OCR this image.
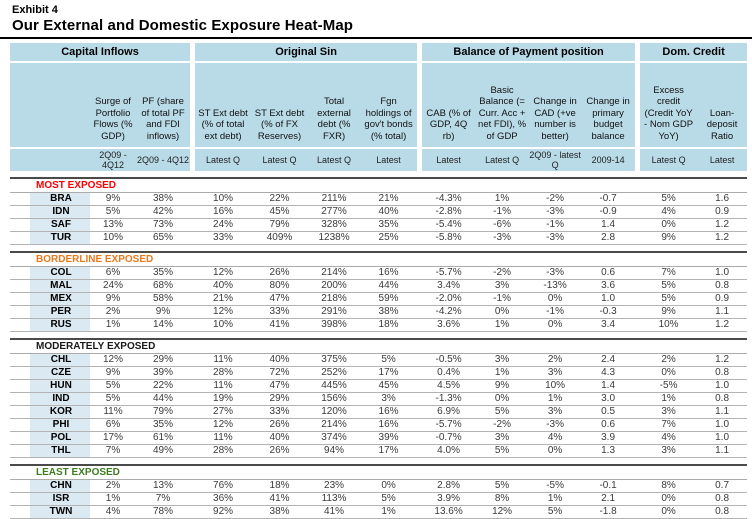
Exhibit 4
Our External and Domestic Exposure Heat-Map
Capital Inflows				Original Sin					Balance of Payment position					Dom. Credit	
	Surge of Portfolio Flows (% GDP)	PF (share of total PF and FDI inflows)		ST Ext debt (% of total ext debt)	ST Ext debt (% of FX Reserves)	Total external debt (% FXR)	Fgn holdings of gov't bonds (% total)		CAB (% of GDP, 4Q rb)	Basic Balance (= Curr. Acc + net FDI), % of GDP	Change in CAD (+ve number is better)	Change in primary budget balance		Excess credit (Credit YoY - Nom GDP YoY)	Loan-deposit Ratio
	2Q09 - 4Q12	2Q09 - 4Q12		Latest Q	Latest Q	Latest Q	Latest		Latest	Latest Q	2Q09 - latest Q	2009-14		Latest Q	Latest

MOST EXPOSED															

BRA	9%	38%		10%	22%	211%	21%		-4.3%	1%	-2%	-0.7		5%	1.6

IDN	5%	42%		16%	45%	277%	40%		-2.8%	-1%	-3%	-0.9		4%	0.9

SAF	13%	73%		24%	79%	328%	35%		-5.4%	-6%	-1%	1.4		0%	1.2

TUR	10%	65%		33%	409%	1238%	25%		-5.8%	-3%	-3%	2.8		9%	1.2

BORDERLINE EXPOSED															

COL	6%	35%		12%	26%	214%	16%		-5.7%	-2%	-3%	0.6		7%	1.0

MAL	24%	68%		40%	80%	200%	44%		3.4%	3%	-13%	3.6		5%	0.8

MEX	9%	58%		21%	47%	218%	59%		-2.0%	-1%	0%	1.0		5%	0.9

PER	2%	9%		12%	33%	291%	38%		-4.2%	0%	-1%	-0.3		9%	1.1

RUS	1%	14%		10%	41%	398%	18%		3.6%	1%	0%	3.4		10%	1.2

MODERATELY EXPOSED															

CHL	12%	29%		11%	40%	375%	5%		-0.5%	3%	2%	2.4		2%	1.2

CZE	9%	39%		28%	72%	252%	17%		0.4%	1%	3%	4.3		0%	0.8

HUN	5%	22%		11%	47%	445%	45%		4.5%	9%	10%	1.4		-5%	1.0

IND	5%	44%		19%	29%	156%	3%		-1.3%	0%	1%	3.0		1%	0.8

KOR	11%	79%		27%	33%	120%	16%		6.9%	5%	3%	0.5		3%	1.1

PHI	6%	35%		12%	26%	214%	16%		-5.7%	-2%	-3%	0.6		7%	1.0

POL	17%	61%		11%	40%	374%	39%		-0.7%	3%	4%	3.9		4%	1.0

THL	7%	49%		28%	26%	94%	17%		4.0%	5%	0%	1.3		3%	1.1

LEAST EXPOSED															

CHN	2%	13%		76%	18%	23%	0%		2.8%	5%	-5%	-0.1		8%	0.7

ISR	1%	7%		36%	41%	113%	5%		3.9%	8%	1%	2.1		0%	0.8

TWN	4%	78%		92%	38%	41%	1%		13.6%	12%	5%	-1.8		0%	0.8
